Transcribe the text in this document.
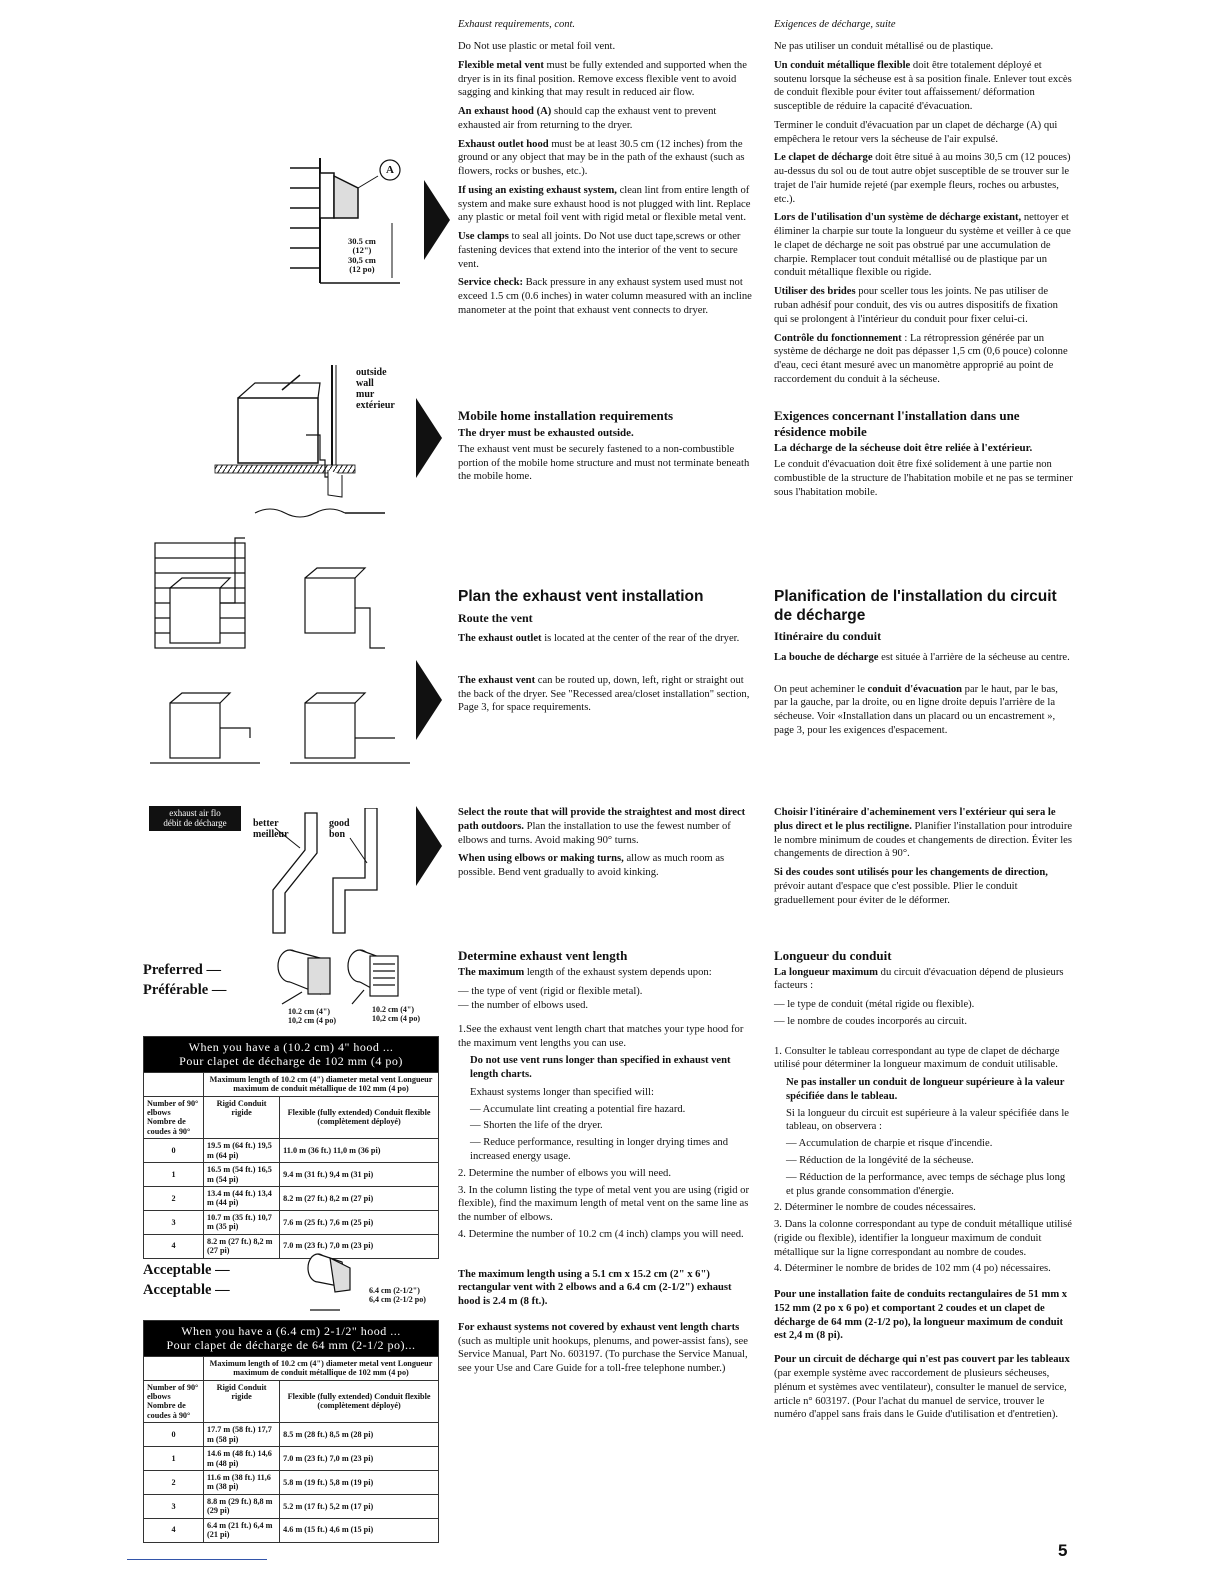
Exhaust requirements, cont.	Exigences de décharge, suite

Do Not use plastic or metal foil vent.

Flexible metal vent must be fully extended and supported when the dryer is in its final position. Remove excess flexible vent to avoid sagging and kinking that may result in reduced air flow.

An exhaust hood (A) should cap the exhaust vent to prevent exhausted air from returning to the dryer.

Exhaust outlet hood must be at least 30.5 cm (12 inches) from the ground or any object that may be in the path of the exhaust (such as flowers, rocks or bushes, etc.).

If using an existing exhaust system, clean lint from entire length of system and make sure exhaust hood is not plugged with lint. Replace any plastic or metal foil vent with rigid metal or flexible metal vent.

Use clamps to seal all joints. Do Not use duct tape,screws or other fastening devices that extend into the interior of the vent to secure vent.

Service check: Back pressure in any exhaust system used must not exceed 1.5 cm (0.6 inches) in water column measured with an incline manometer at the point that exhaust vent connects to dryer.

Ne pas utiliser un conduit métallisé ou de plastique.

Un conduit métallique flexible doit être totalement déployé et soutenu lorsque la sécheuse est à sa position finale. Enlever tout excès de conduit flexible pour éviter tout affaissement/ déformation susceptible de réduire la capacité d'évacuation.

Terminer le conduit d'évacuation par un clapet de décharge (A) qui empêchera le retour vers la sécheuse de l'air expulsé.

Le clapet de décharge doit être situé à au moins 30,5 cm (12 pouces) au-dessus du sol ou de tout autre objet susceptible de se trouver sur le trajet de l'air humide rejeté (par exemple fleurs, roches ou arbustes, etc.).

Lors de l'utilisation d'un système de décharge existant, nettoyer et éliminer la charpie sur toute la longueur du système et veiller à ce que le clapet de décharge ne soit pas obstrué par une accumulation de charpie. Remplacer tout conduit métallisé ou de plastique par un conduit métallique flexible ou rigide.

Utiliser des brides pour sceller tous les joints. Ne pas utiliser de ruban adhésif pour conduit, des vis ou autres dispositifs de fixation qui se prolongent à l'intérieur du conduit pour fixer celui-ci.

Contrôle du fonctionnement : La rétropression générée par un système de décharge ne doit pas dépasser 1,5 cm (0,6 pouce) colonne d'eau, ceci étant mesuré avec un manomètre approprié au point de raccordement du conduit à la sécheuse.

A
30.5 cm
(12")
30,5 cm
(12 po)
outside
wall
mur
extérieur
Mobile home installation requirements
The dryer must be exhausted outside.

The exhaust vent must be securely fastened to a non-combustible portion of the mobile home structure and must not terminate beneath the mobile home.

Exigences concernant l'installation dans une résidence mobile
La décharge de la sécheuse doit être reliée à l'extérieur.

Le conduit d'évacuation doit être fixé solidement à une partie non combustible de la structure de l'habitation mobile et ne pas se terminer sous l'habitation mobile.

Plan the exhaust vent installation
Route the vent

The exhaust outlet is located at the center of the rear of the dryer.

The exhaust vent can be routed up, down, left, right or straight out the back of the dryer. See "Recessed area/closet installation" section, Page 3, for space requirements.

Planification de l'installation du circuit de décharge
Itinéraire du conduit

La bouche de décharge est située à l'arrière de la sécheuse au centre.

On peut acheminer le conduit d'évacuation par le haut, par le bas, par la gauche, par la droite, ou en ligne droite depuis l'arrière de la sécheuse. Voir «Installation dans un placard ou un encastrement », page 3, pour les exigences d'espacement.

exhaust air flo
débit de décharge	better
meilleur
good
bon

Select the route that will provide the straightest and most direct path outdoors. Plan the installation to use the fewest number of elbows and turns. Avoid making 90° turns.

When using elbows or making turns, allow as much room as possible. Bend vent gradually to avoid kinking.

Choisir l'itinéraire d'acheminement vers l'extérieur qui sera le plus direct et le plus rectiligne. Planifier l'installation pour introduire le nombre minimum de coudes et changements de direction. Éviter les changements de direction à 90°.

Si des coudes sont utilisés pour les changements de direction, prévoir autant d'espace que c'est possible. Plier le conduit graduellement pour éviter de le déformer.

Preferred —
Préférable —
10.2 cm (4")
10,2 cm (4 po)
10.2 cm (4")
10,2 cm (4 po)
When you have a (10.2 cm) 4" hood ...
Pour clapet de décharge de 102 mm (4 po)		

	Maximum length of 10.2 cm (4") diameter metal vent Longueur maximum de conduit métallique de 102 mm (4 po)	
Number of 90° elbows Nombre de coudes à 90°	Rigid Conduit rigide	Flexible (fully extended) Conduit flexible (complètement déployé)
0	19.5 m (64 ft.) 19,5 m (64 pi)	11.0 m (36 ft.) 11,0 m (36 pi)
1	16.5 m (54 ft.) 16,5 m (54 pi)	9.4 m (31 ft.) 9,4 m (31 pi)
2	13.4 m (44 ft.) 13,4 m (44 pi)	8.2 m (27 ft.) 8,2 m (27 pi)
3	10.7 m (35 ft.) 10,7 m (35 pi)	7.6 m (25 ft.) 7,6 m (25 pi)
4	8.2 m (27 ft.) 8,2 m (27 pi)	7.0 m (23 ft.) 7,0 m (23 pi)
Acceptable —
Acceptable —	6.4 cm (2-1/2")
6,4 cm (2-1/2 po)
When you have a (6.4 cm) 2-1/2" hood ...
Pour clapet de décharge de 64 mm (2-1/2 po)...		

	Maximum length of 10.2 cm (4") diameter metal vent Longueur maximum de conduit métallique de 102 mm (4 po)	
Number of 90° elbows Nombre de coudes à 90°	Rigid Conduit rigide	Flexible (fully extended) Conduit flexible (complètement déployé)
0	17.7 m (58 ft.) 17,7 m (58 pi)	8.5 m (28 ft.) 8,5 m (28 pi)
1	14.6 m (48 ft.) 14,6 m (48 pi)	7.0 m (23 ft.) 7,0 m (23 pi)
2	11.6 m (38 ft.) 11,6 m (38 pi)	5.8 m (19 ft.) 5,8 m (19 pi)
3	8.8 m (29 ft.) 8,8 m (29 pi)	5.2 m (17 ft.) 5,2 m (17 pi)
4	6.4 m (21 ft.) 6,4 m (21 pi)	4.6 m (15 ft.) 4,6 m (15 pi)
Determine exhaust vent length

The maximum length of the exhaust system depends upon:

— the type of vent (rigid or flexible metal).
— the number of elbows used.
1.See the exhaust vent length chart that matches your type hood for the maximum vent lengths you can use.
Do not use vent runs longer than specified in exhaust vent length charts.
Exhaust systems longer than specified will:
— Accumulate lint creating a potential fire hazard.
— Shorten the life of the dryer.
— Reduce performance, resulting in longer drying times and increased energy usage.
2. Determine the number of elbows you will need.
3. In the column listing the type of metal vent you are using (rigid or flexible), find the maximum length of metal vent on the same line as the number of elbows.
4. Determine the number of 10.2 cm (4 inch) clamps you will need.

The maximum length using a 5.1 cm x 15.2 cm (2" x 6") rectangular vent with 2 elbows and a 6.4 cm (2-1/2") exhaust hood is 2.4 m (8 ft.).

For exhaust systems not covered by exhaust vent length charts (such as multiple unit hookups, plenums, and power-assist fans), see Service Manual, Part No. 603197. (To purchase the Service Manual, see your Use and Care Guide for a toll-free telephone number.)

Longueur du conduit

La longueur maximum du circuit d'évacuation dépend de plusieurs facteurs :

— le type de conduit (métal rigide ou flexible).
— le nombre de coudes incorporés au circuit.
1. Consulter le tableau correspondant au type de clapet de décharge utilisé pour déterminer la longueur maximum de conduit utilisable.
Ne pas installer un conduit de longueur supérieure à la valeur spécifiée dans le tableau.
Si la longueur du circuit est supérieure à la valeur spécifiée dans le tableau, on observera :
— Accumulation de charpie et risque d'incendie.
— Réduction de la longévité de la sécheuse.
— Réduction de la performance, avec temps de séchage plus long et plus grande consommation d'énergie.
2. Déterminer le nombre de coudes nécessaires.
3. Dans la colonne correspondant au type de conduit métallique utilisé (rigide ou flexible), identifier la longueur maximum de conduit métallique sur la ligne correspondant au nombre de coudes.
4. Déterminer le nombre de brides de 102 mm (4 po) nécessaires.

Pour une installation faite de conduits rectangulaires de 51 mm x 152 mm (2 po x 6 po) et comportant 2 coudes et un clapet de décharge de 64 mm (2-1/2 po), la longueur maximum de conduit est 2,4 m (8 pi).

Pour un circuit de décharge qui n'est pas couvert par les tableaux (par exemple système avec raccordement de plusieurs sécheuses, plénum et systèmes avec ventilateur), consulter le manuel de service, article n° 603197. (Pour l'achat du manuel de service, trouver le numéro d'appel sans frais dans le Guide d'utilisation et d'entretien).

5
